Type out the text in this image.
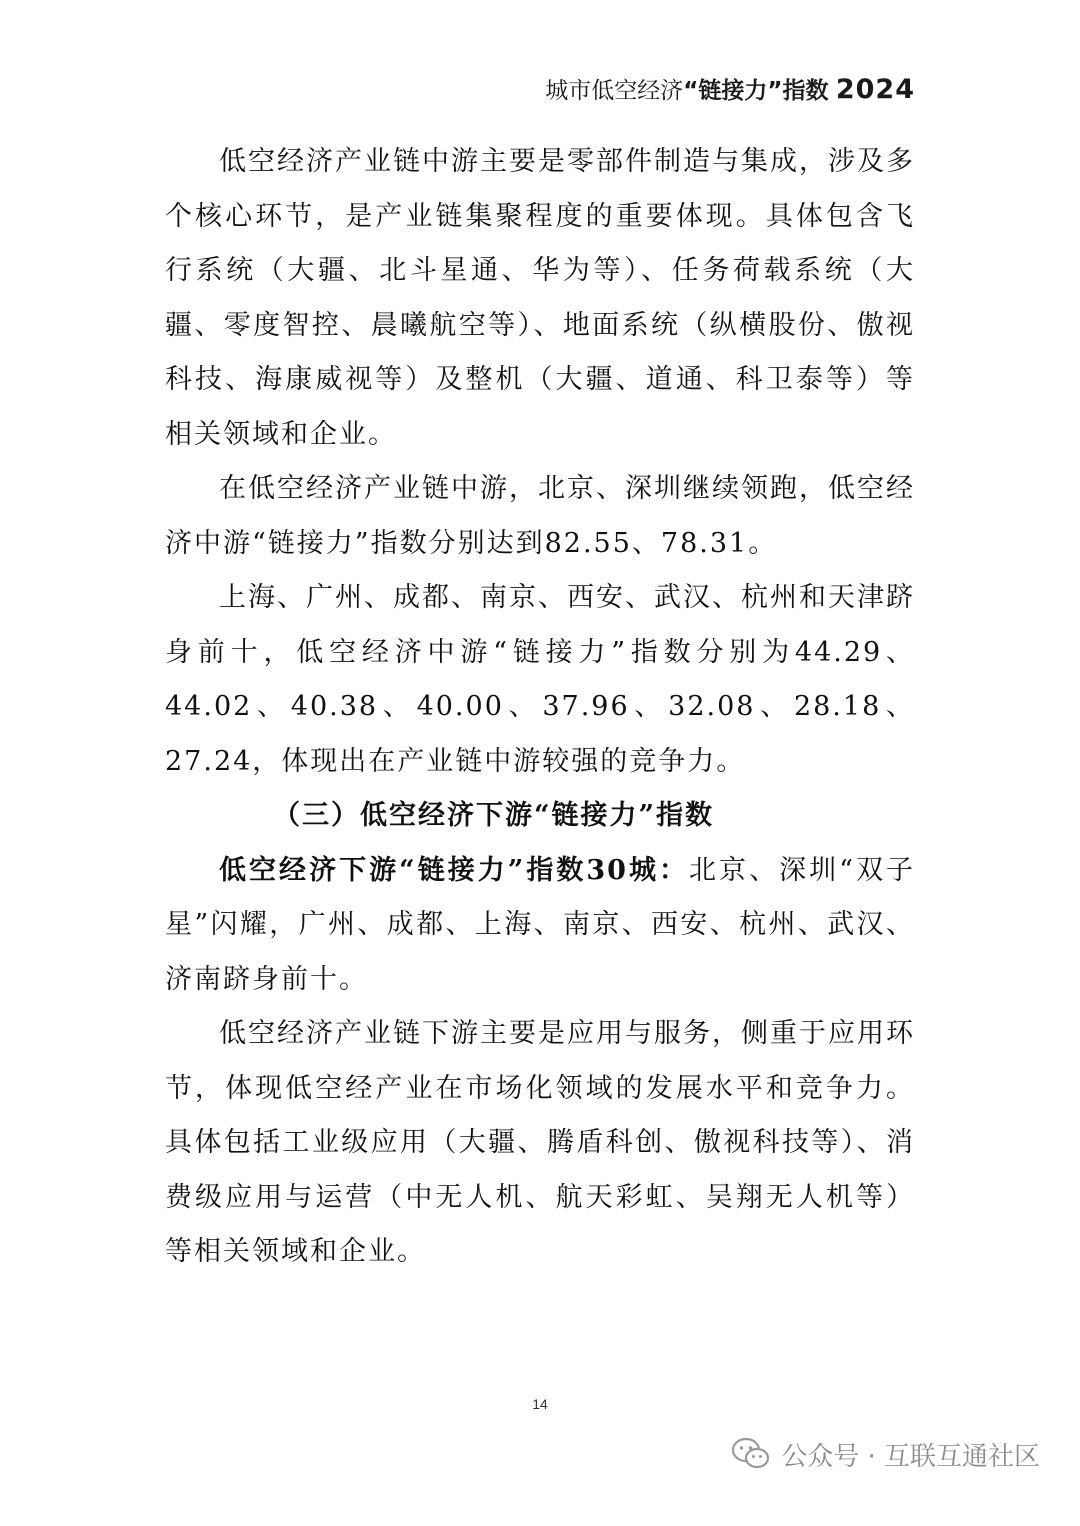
城市低空经济“链接力”指数 2024

低空经济产业链中游主要是零部件制造与集成，涉及多个核心环节，是产业链集聚程度的重要体现。具体包含飞行系统（大疆、北斗星通、华为等）、任务荷载系统（大疆、零度智控、晨曦航空等）、地面系统（纵横股份、傲视科技、海康威视等）及整机（大疆、道通、科卫泰等）等相关领域和企业。

在低空经济产业链中游，北京、深圳继续领跑，低空经济中游“链接力”指数分别达到82.55、78.31。

上海、广州、成都、南京、西安、武汉、杭州和天津跻身前十，低空经济中游“链接力”指数分别为44.29、44.02、40.38、40.00、37.96、32.08、28.18、27.24，体现出在产业链中游较强的竞争力。

（三）低空经济下游“链接力”指数

低空经济下游“链接力”指数30城：北京、深圳“双子星”闪耀，广州、成都、上海、南京、西安、杭州、武汉、济南跻身前十。

低空经济产业链下游主要是应用与服务，侧重于应用环节，体现低空经产业在市场化领域的发展水平和竞争力。具体包括工业级应用（大疆、腾盾科创、傲视科技等）、消费级应用与运营（中无人机、航天彩虹、吴翔无人机等）等相关领域和企业。

14
公众号 · 互联互通社区
